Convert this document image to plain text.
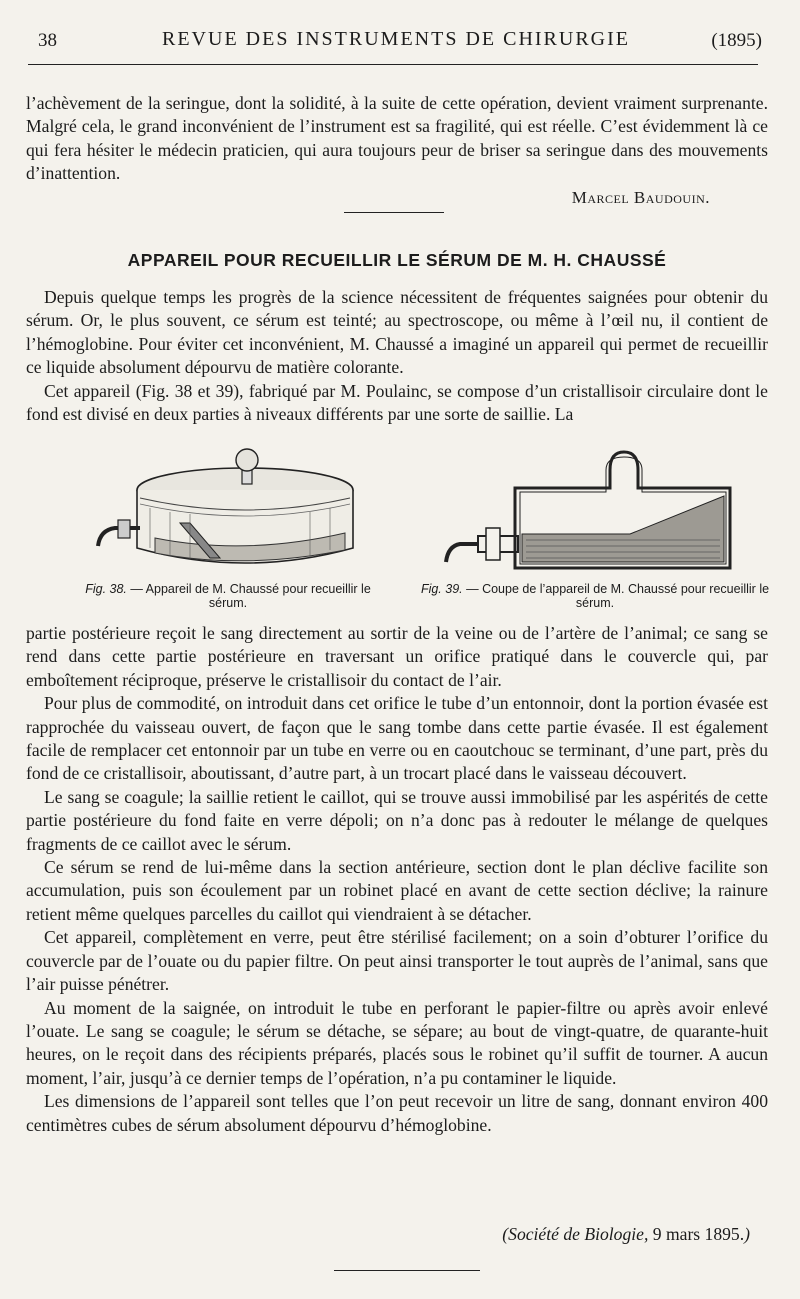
38	REVUE DES INSTRUMENTS DE CHIRURGIE	(1895)

l’achèvement de la seringue, dont la solidité, à la suite de cette opération, devient vraiment surprenante. Malgré cela, le grand inconvénient de l’instrument est sa fragilité, qui est réelle. C’est évidemment là ce qui fera hésiter le médecin praticien, qui aura toujours peur de briser sa seringue dans des mouvements d’inattention.

Marcel Baudouin.
APPAREIL POUR RECUEILLIR LE SÉRUM DE M. H. CHAUSSÉ

Depuis quelque temps les progrès de la science nécessitent de fréquentes saignées pour obtenir du sérum. Or, le plus souvent, ce sérum est teinté; au spectroscope, ou même à l’œil nu, il contient de l’hémoglobine. Pour éviter cet inconvénient, M. Chaussé a imaginé un appareil qui permet de recueillir ce liquide absolument dépourvu de matière colorante.

Cet appareil (Fig. 38 et 39), fabriqué par M. Poulainc, se compose d’un cristallisoir circulaire dont le fond est divisé en deux parties à niveaux différents par une sorte de saillie. La

Fig. 38. — Appareil de M. Chaussé pour recueillir le sérum.
Fig. 39. — Coupe de l’appareil de M. Chaussé pour recueillir le sérum.

partie postérieure reçoit le sang directement au sortir de la veine ou de l’artère de l’animal; ce sang se rend dans cette partie postérieure en traversant un orifice pratiqué dans le couvercle qui, par emboîtement réciproque, préserve le cristallisoir du contact de l’air.

Pour plus de commodité, on introduit dans cet orifice le tube d’un entonnoir, dont la portion évasée est rapprochée du vaisseau ouvert, de façon que le sang tombe dans cette partie évasée. Il est également facile de remplacer cet entonnoir par un tube en verre ou en caoutchouc se terminant, d’une part, près du fond de ce cristallisoir, aboutissant, d’autre part, à un trocart placé dans le vaisseau découvert.

Le sang se coagule; la saillie retient le caillot, qui se trouve aussi immobilisé par les aspérités de cette partie postérieure du fond faite en verre dépoli; on n’a donc pas à redouter le mélange de quelques fragments de ce caillot avec le sérum.

Ce sérum se rend de lui-même dans la section antérieure, section dont le plan déclive facilite son accumulation, puis son écoulement par un robinet placé en avant de cette section déclive; la rainure retient même quelques parcelles du caillot qui viendraient à se détacher.

Cet appareil, complètement en verre, peut être stérilisé facilement; on a soin d’obturer l’orifice du couvercle par de l’ouate ou du papier filtre. On peut ainsi transporter le tout auprès de l’animal, sans que l’air puisse pénétrer.

Au moment de la saignée, on introduit le tube en perforant le papier-filtre ou après avoir enlevé l’ouate. Le sang se coagule; le sérum se détache, se sépare; au bout de vingt-quatre, de quarante-huit heures, on le reçoit dans des récipients préparés, placés sous le robinet qu’il suffit de tourner. A aucun moment, l’air, jusqu’à ce dernier temps de l’opération, n’a pu contaminer le liquide.

Les dimensions de l’appareil sont telles que l’on peut recevoir un litre de sang, donnant environ 400 centimètres cubes de sérum absolument dépourvu d’hémoglobine.

(Société de Biologie, 9 mars 1895.)
